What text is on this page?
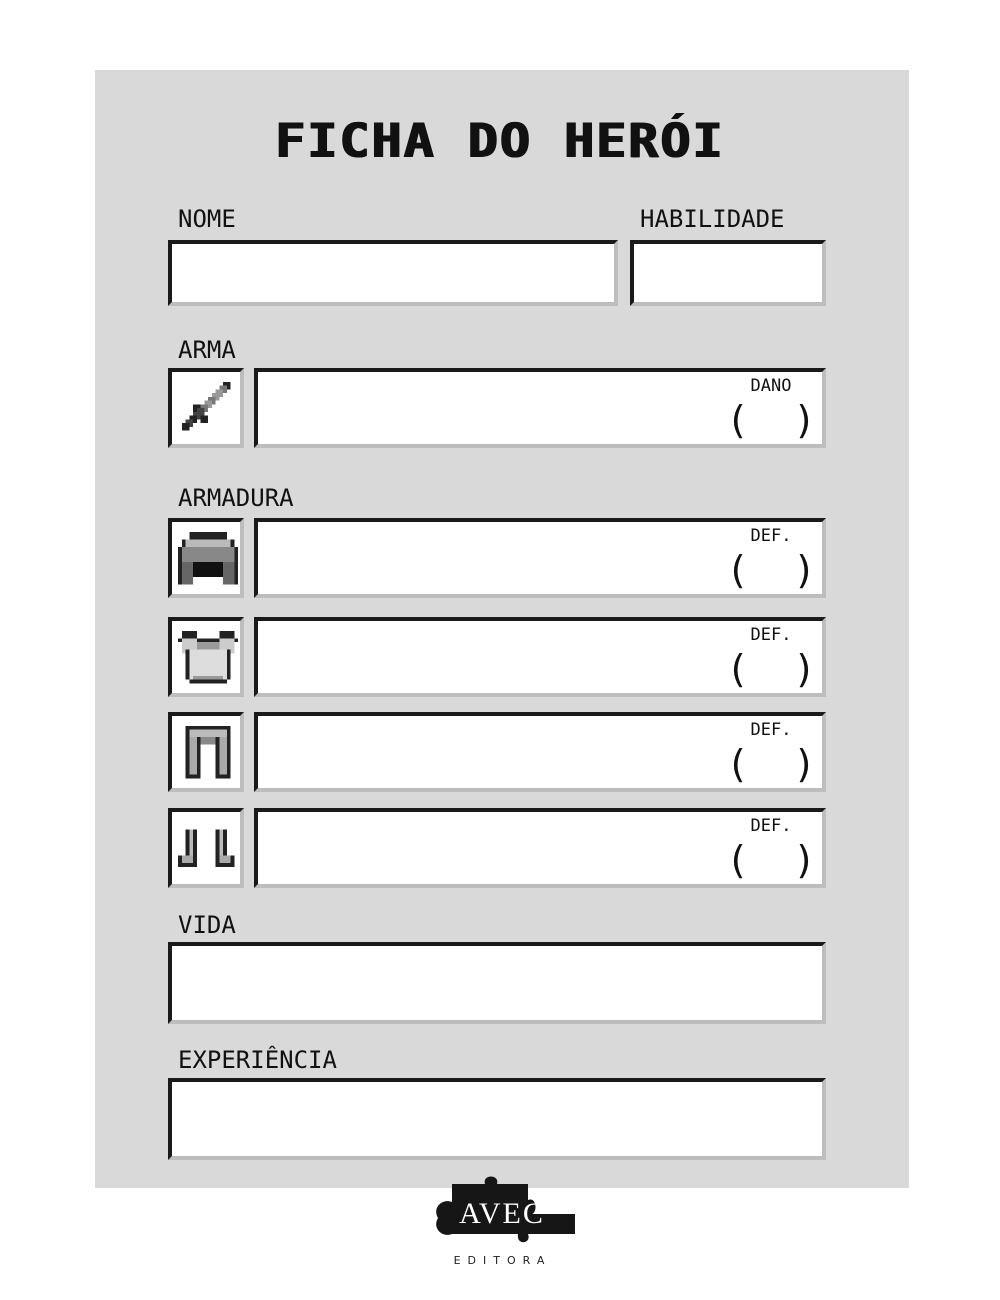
FICHA DO HERÓI
NOME	HABILIDADE
ARMA
DANO
( )
ARMADURA
DEF.
( )
DEF.
( )
DEF.
( )
DEF.
( )
VIDA
EXPERIÊNCIA
AVEC
EDITORA
